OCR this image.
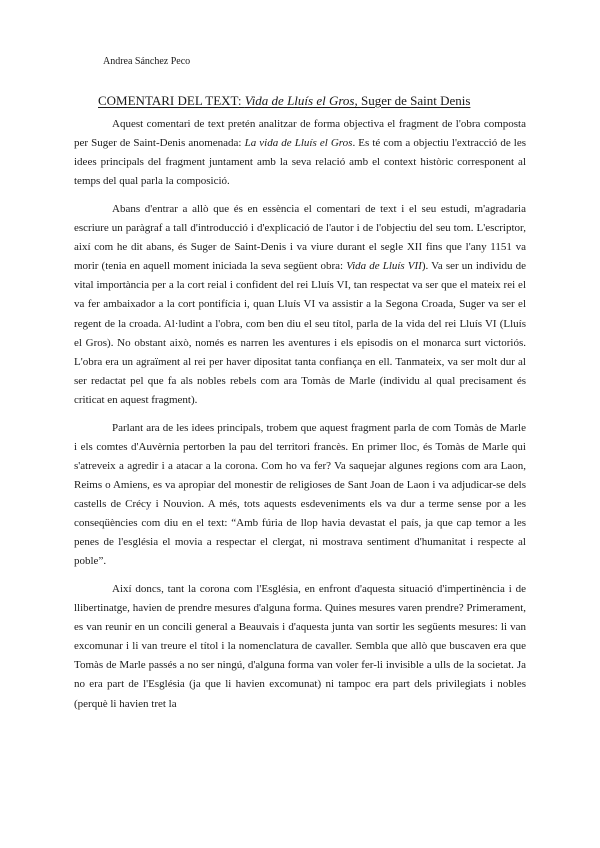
Andrea Sánchez Peco
COMENTARI DEL TEXT: Vida de Lluís el Gros, Suger de Saint Denis

Aquest comentari de text pretén analitzar de forma objectiva el fragment de l'obra composta per Suger de Saint-Denis anomenada: La vida de Lluís el Gros. Es té com a objectiu l'extracció de les idees principals del fragment juntament amb la seva relació amb el context històric corresponent al temps del qual parla la composició.

Abans d'entrar a allò que és en essència el comentari de text i el seu estudi, m'agradaria escriure un paràgraf a tall d'introducció i d'explicació de l'autor i de l'objectiu del seu tom. L'escriptor, així com he dit abans, és Suger de Saint-Denis i va viure durant el segle XII fins que l'any 1151 va morir (tenia en aquell moment iniciada la seva següent obra: Vida de Lluís VII). Va ser un individu de vital importància per a la cort reial i confident del rei Lluís VI, tan respectat va ser que el mateix rei el va fer ambaixador a la cort pontifícia i, quan Lluís VI va assistir a la Segona Croada, Suger va ser el regent de la croada. Al·ludint a l'obra, com ben diu el seu títol, parla de la vida del rei Lluís VI (Lluís el Gros). No obstant això, només es narren les aventures i els episodis on el monarca surt victoriós. L'obra era un agraïment al rei per haver dipositat tanta confiança en ell. Tanmateix, va ser molt dur al ser redactat pel que fa als nobles rebels com ara Tomàs de Marle (individu al qual precisament és criticat en aquest fragment).

Parlant ara de les idees principals, trobem que aquest fragment parla de com Tomàs de Marle i els comtes d'Auvèrnia pertorben la pau del territori francès. En primer lloc, és Tomàs de Marle qui s'atreveix a agredir i a atacar a la corona. Com ho va fer? Va saquejar algunes regions com ara Laon, Reims o Amiens, es va apropiar del monestir de religioses de Sant Joan de Laon i va adjudicar-se dels castells de Crécy i Nouvion. A més, tots aquests esdeveniments els va dur a terme sense por a les conseqüències com diu en el text: “Amb fúria de llop havia devastat el país, ja que cap temor a les penes de l'església el movia a respectar el clergat, ni mostrava sentiment d'humanitat i respecte al poble”.

Així doncs, tant la corona com l'Església, en enfront d'aquesta situació d'impertinència i de llibertinatge, havien de prendre mesures d'alguna forma. Quines mesures varen prendre? Primerament, es van reunir en un concili general a Beauvais i d'aquesta junta van sortir les següents mesures: li van excomunar i li van treure el títol i la nomenclatura de cavaller. Sembla que allò que buscaven era que Tomàs de Marle passés a no ser ningú, d'alguna forma van voler fer-li invisible a ulls de la societat. Ja no era part de l'Església (ja que li havien excomunat) ni tampoc era part dels privilegiats i nobles (perquè li havien tret la
